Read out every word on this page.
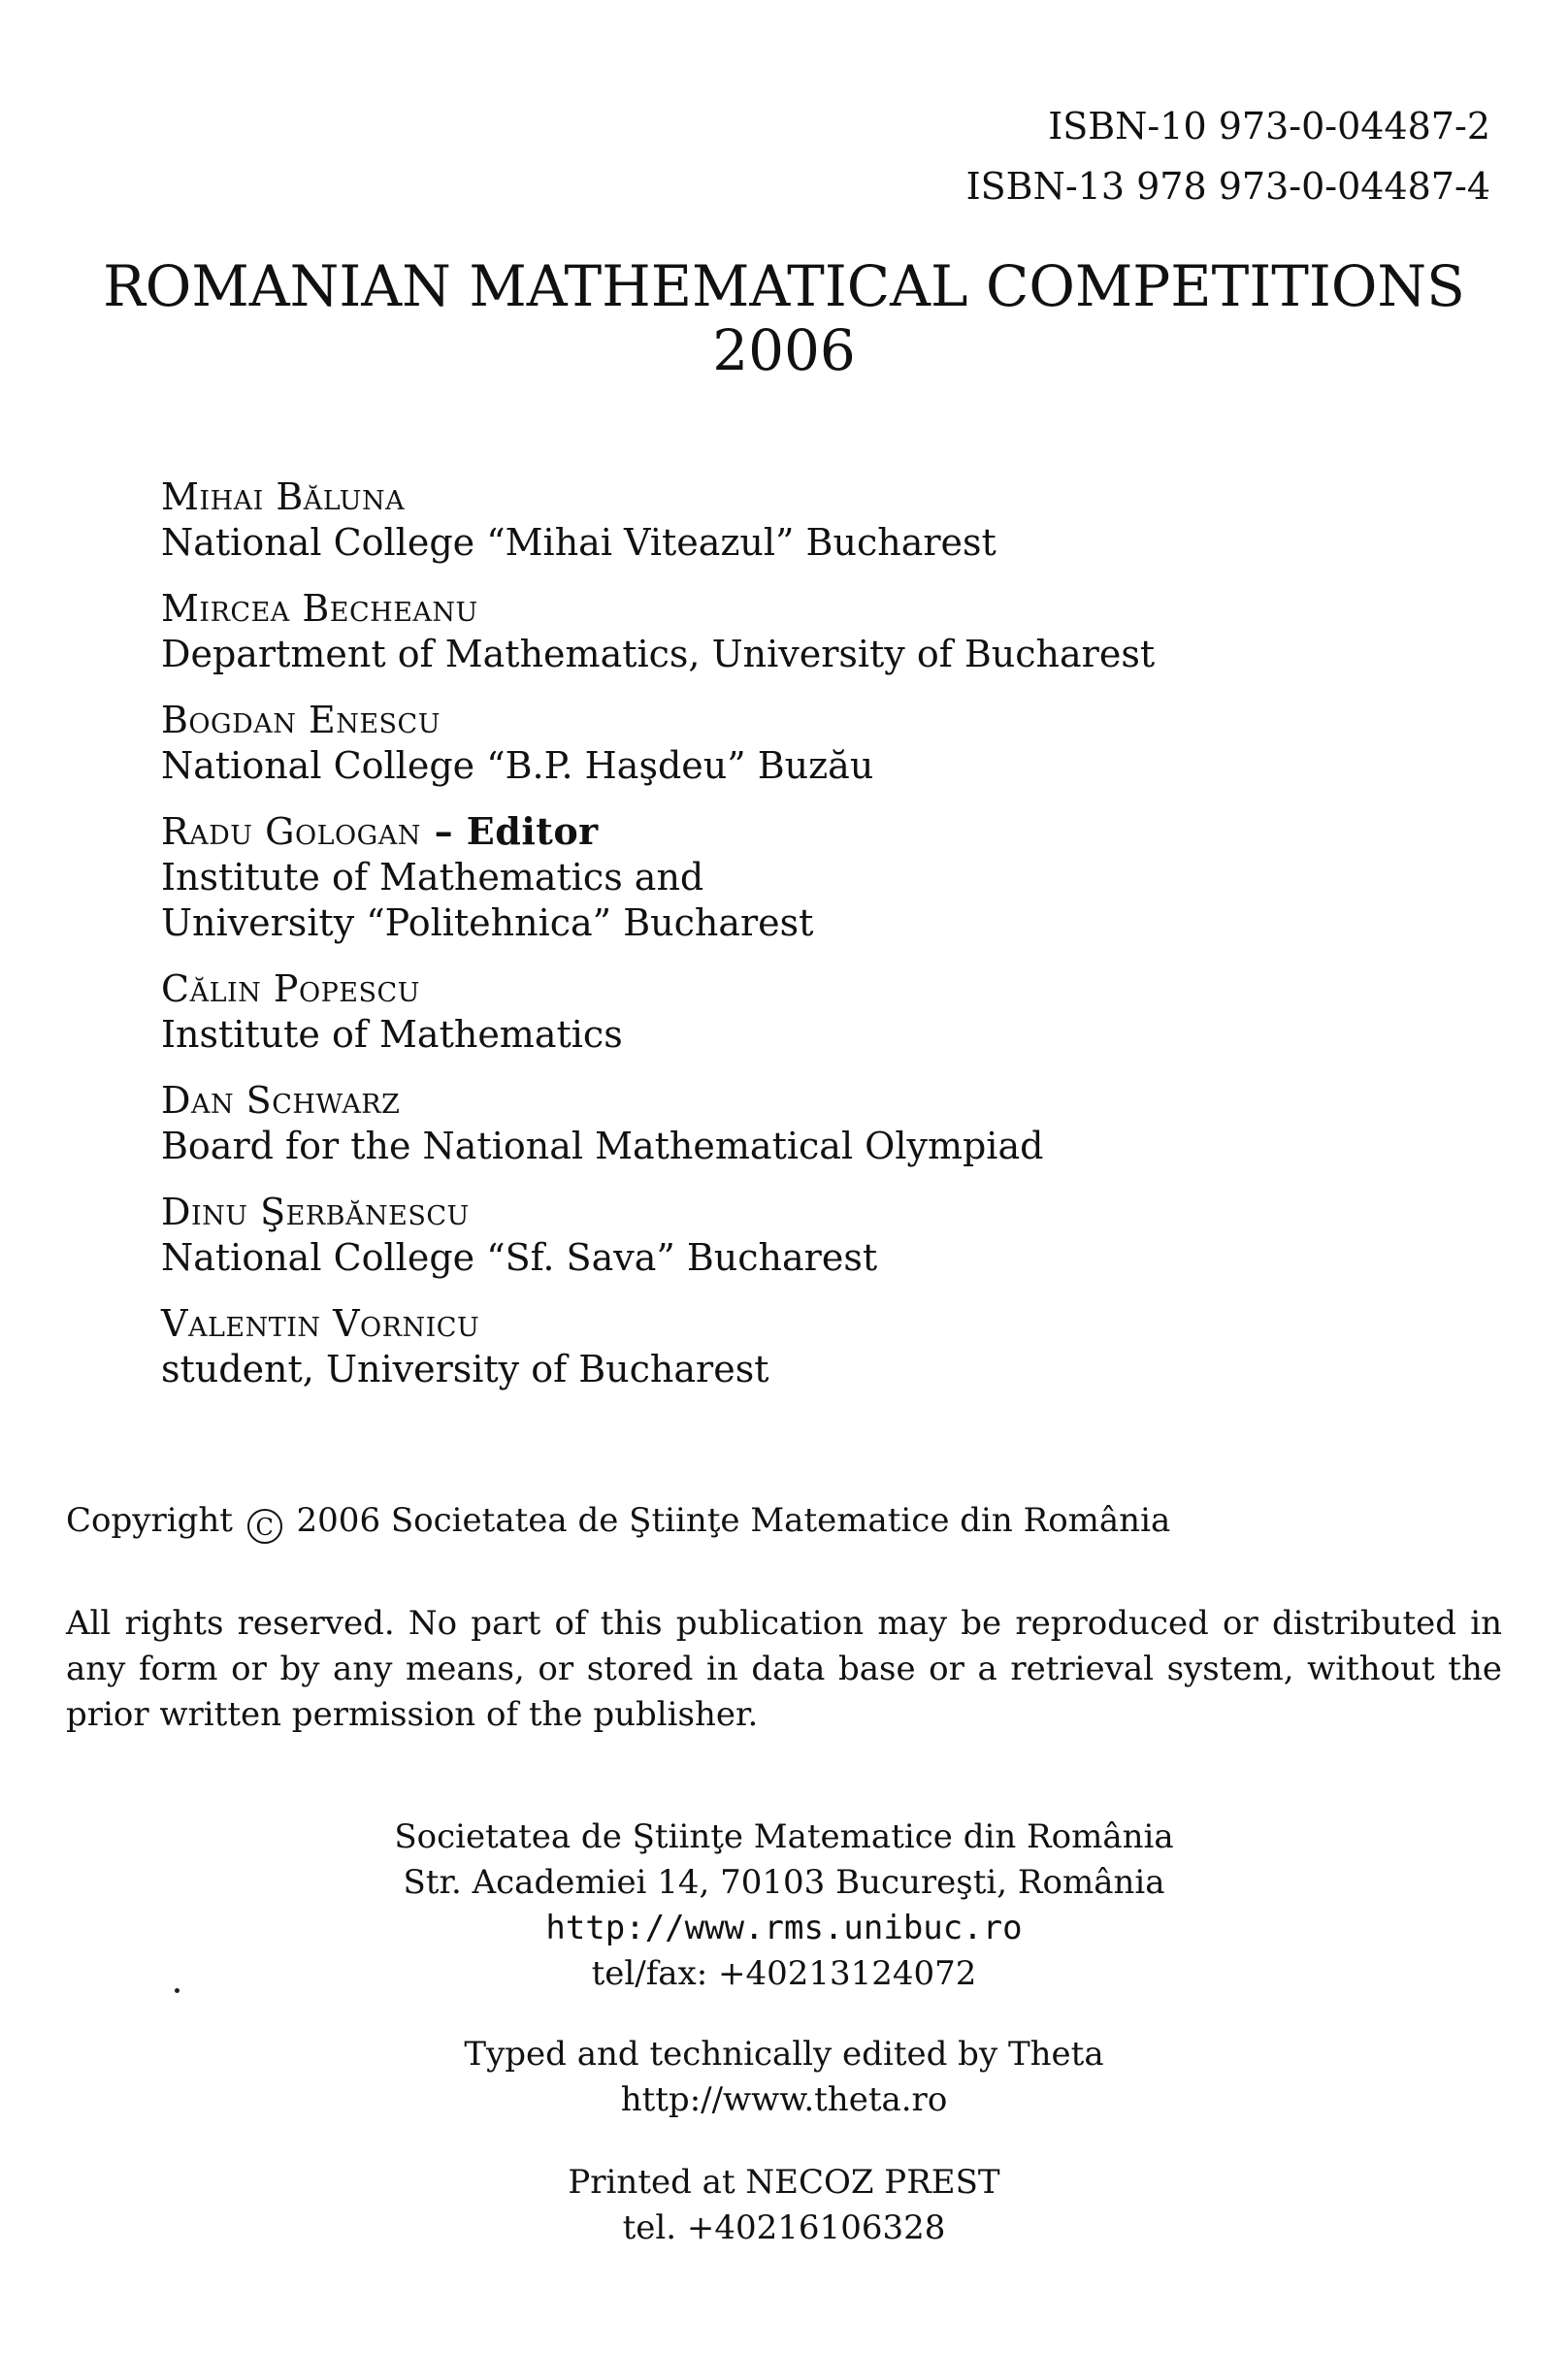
ISBN-10 973-0-04487-2
ISBN-13 978 973-0-04487-4
ROMANIAN MATHEMATICAL COMPETITIONS
2006
Mihai Băluna
National College “Mihai Viteazul” Bucharest
Mircea Becheanu
Department of Mathematics, University of Bucharest
Bogdan Enescu
National College “B.P. Haşdeu” Buzău
Radu Gologan – Editor
Institute of Mathematics and
University “Politehnica” Bucharest
Călin Popescu
Institute of Mathematics
Dan Schwarz
Board for the National Mathematical Olympiad
Dinu Şerbănescu
National College “Sf. Sava” Bucharest
Valentin Vornicu
student, University of Bucharest
Copyright C 2006 Societatea de Ştiinţe Matematice din România
All rights reserved. No part of this publication may be reproduced or distributed in any form or by any means, or stored in data base or a retrieval system, without the prior written permission of the publisher.
Societatea de Ştiinţe Matematice din România
Str. Academiei 14, 70103 Bucureşti, România
http://www.rms.unibuc.ro
tel/fax: +40213124072
Typed and technically edited by Theta
http://www.theta.ro
Printed at NECOZ PREST
tel. +40216106328
